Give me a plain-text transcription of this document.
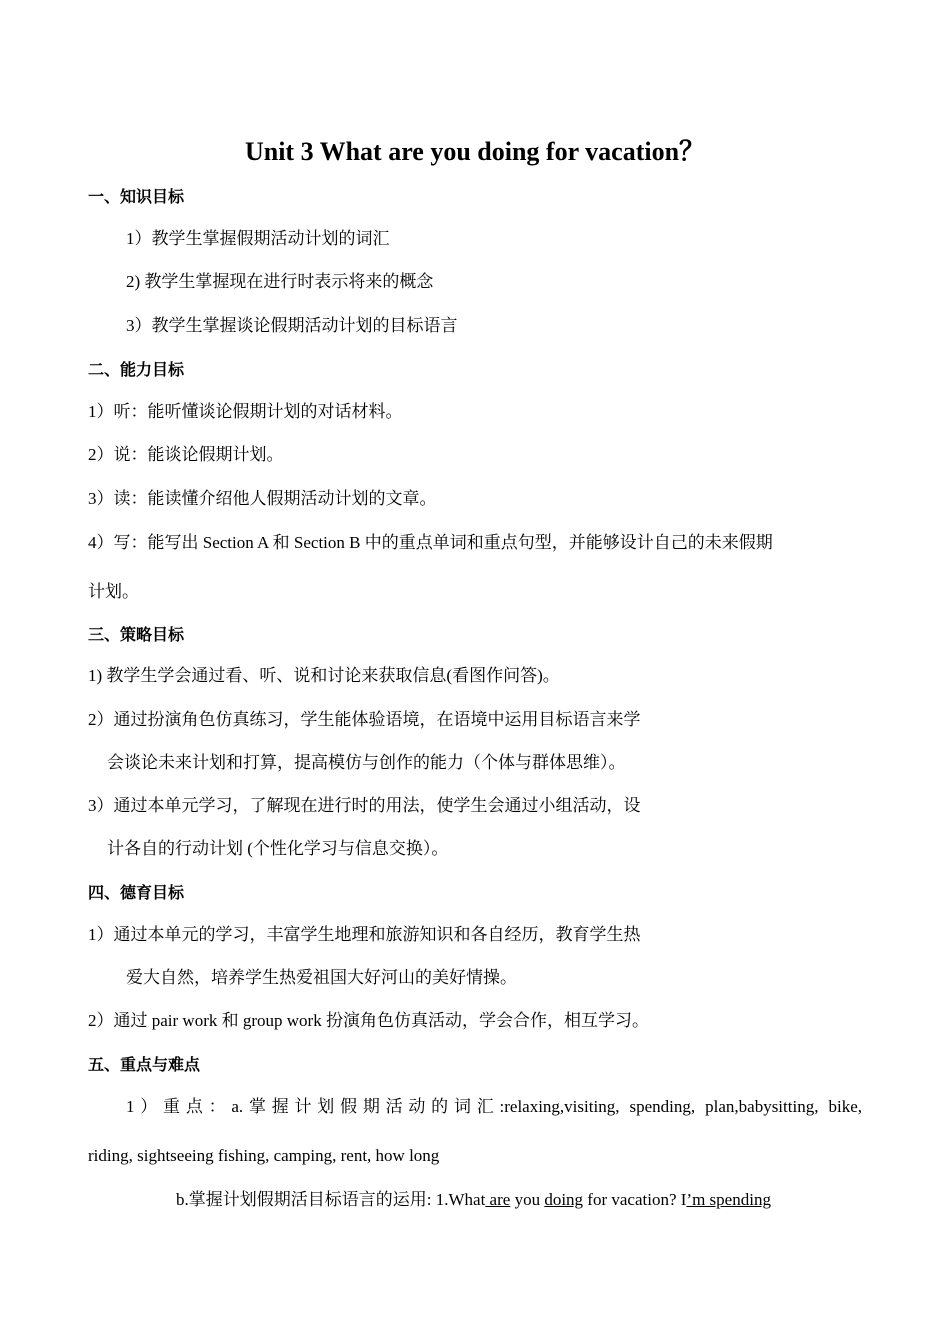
Unit 3 What are you doing for vacation？
一、知识目标
1）教学生掌握假期活动计划的词汇
2) 教学生掌握现在进行时表示将来的概念
3）教学生掌握谈论假期活动计划的目标语言
二、能力目标
1）听：能听懂谈论假期计划的对话材料。
2）说：能谈论假期计划。
3）读：能读懂介绍他人假期活动计划的文章。
4）写：能写出 Section A 和 Section B 中的重点单词和重点句型，并能够设计自己的未来假期
计划。
三、策略目标
1) 教学生学会通过看、听、说和讨论来获取信息(看图作问答)。
2）通过扮演角色仿真练习，学生能体验语境，在语境中运用目标语言来学
会谈论未来计划和打算，提高模仿与创作的能力（个体与群体思维）。
3）通过本单元学习，了解现在进行时的用法，使学生会通过小组活动，设
计各自的行动计划 (个性化学习与信息交换）。
四、德育目标
1）通过本单元的学习，丰富学生地理和旅游知识和各自经历，教育学生热
爱大自然，培养学生热爱祖国大好河山的美好情操。
2）通过 pair work 和 group work 扮演角色仿真活动，学会合作，相互学习。
五、重点与难点
1）重点：a.掌握计划假期活动的词汇:relaxing,visiting, spending, plan,babysitting, bike,
riding, sightseeing fishing, camping, rent, how long
b.掌握计划假期活目标语言的运用: 1.What are you doing for vacation? I’m spending
